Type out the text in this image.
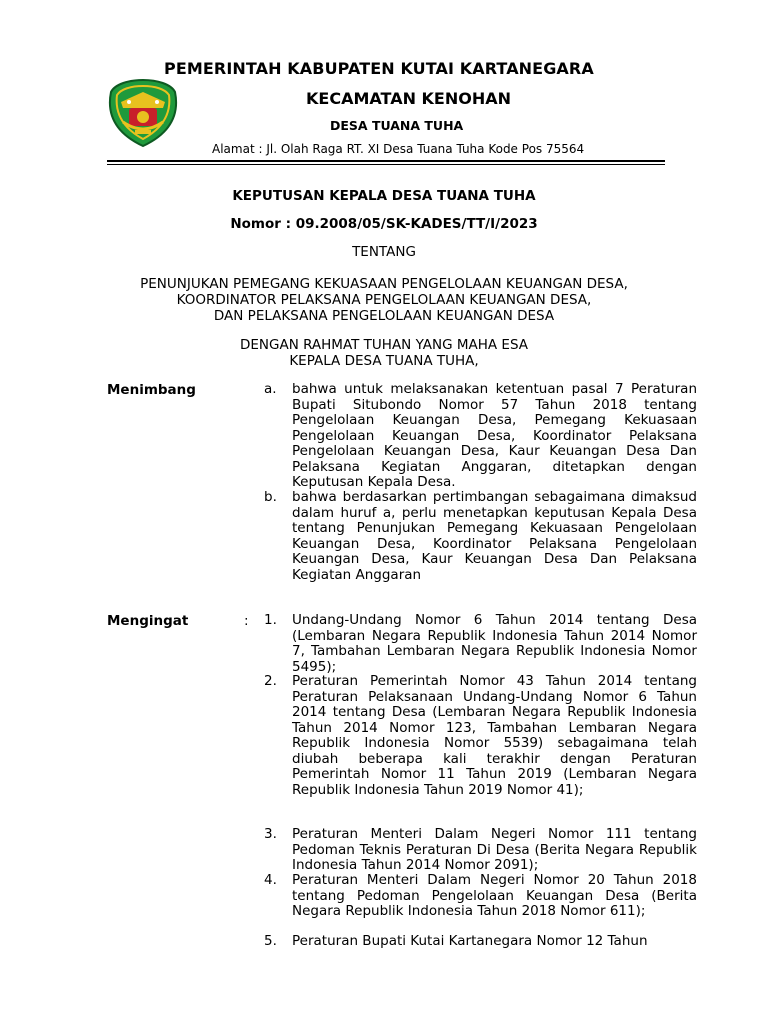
PEMERINTAH KABUPATEN KUTAI KARTANEGARA
KECAMATAN KENOHAN
DESA TUANA TUHA
Alamat : Jl. Olah Raga RT. XI Desa Tuana Tuha Kode Pos 75564
KEPUTUSAN KEPALA DESA TUANA TUHA
Nomor : 09.2008/05/SK-KADES/TT/I/2023
TENTANG
PENUNJUKAN PEMEGANG KEKUASAAN PENGELOLAAN KEUANGAN DESA,
KOORDINATOR PELAKSANA PENGELOLAAN KEUANGAN DESA,
DAN PELAKSANA PENGELOLAAN KEUANGAN DESA
DENGAN RAHMAT TUHAN YANG MAHA ESA
KEPALA DESA TUANA TUHA,
Menimbang	a. bahwa untuk melaksanakan ketentuan pasal 7 Peraturan Bupati Situbondo Nomor 57 Tahun 2018 tentang Pengelolaan Keuangan Desa, Pemegang Kekuasaan Pengelolaan Keuangan Desa, Koordinator Pelaksana Pengelolaan Keuangan Desa, Kaur Keuangan Desa Dan Pelaksana Kegiatan Anggaran, ditetapkan dengan Keputusan Kepala Desa.
b. bahwa berdasarkan pertimbangan sebagaimana dimaksud dalam huruf a, perlu menetapkan keputusan Kepala Desa tentang Penunjukan Pemegang Kekuasaan Pengelolaan Keuangan Desa, Koordinator Pelaksana Pengelolaan Keuangan Desa, Kaur Keuangan Desa Dan Pelaksana Kegiatan Anggaran
Mengingat	: 1. Undang-Undang Nomor 6 Tahun 2014 tentang Desa (Lembaran Negara Republik Indonesia Tahun 2014 Nomor 7, Tambahan Lembaran Negara Republik Indonesia Nomor 5495);
2. Peraturan Pemerintah Nomor 43 Tahun 2014 tentang Peraturan Pelaksanaan Undang-Undang Nomor 6 Tahun 2014 tentang Desa (Lembaran Negara Republik Indonesia Tahun 2014 Nomor 123, Tambahan Lembaran Negara Republik Indonesia Nomor 5539) sebagaimana telah diubah beberapa kali terakhir dengan Peraturan Pemerintah Nomor 11 Tahun 2019 (Lembaran Negara Republik Indonesia Tahun 2019 Nomor 41);
3. Peraturan Menteri Dalam Negeri Nomor 111 tentang Pedoman Teknis Peraturan Di Desa (Berita Negara Republik Indonesia Tahun 2014 Nomor 2091);
4. Peraturan Menteri Dalam Negeri Nomor 20 Tahun 2018 tentang Pedoman Pengelolaan Keuangan Desa (Berita Negara Republik Indonesia Tahun 2018 Nomor 611);
5. Peraturan Bupati Kutai Kartanegara Nomor 12 Tahun
